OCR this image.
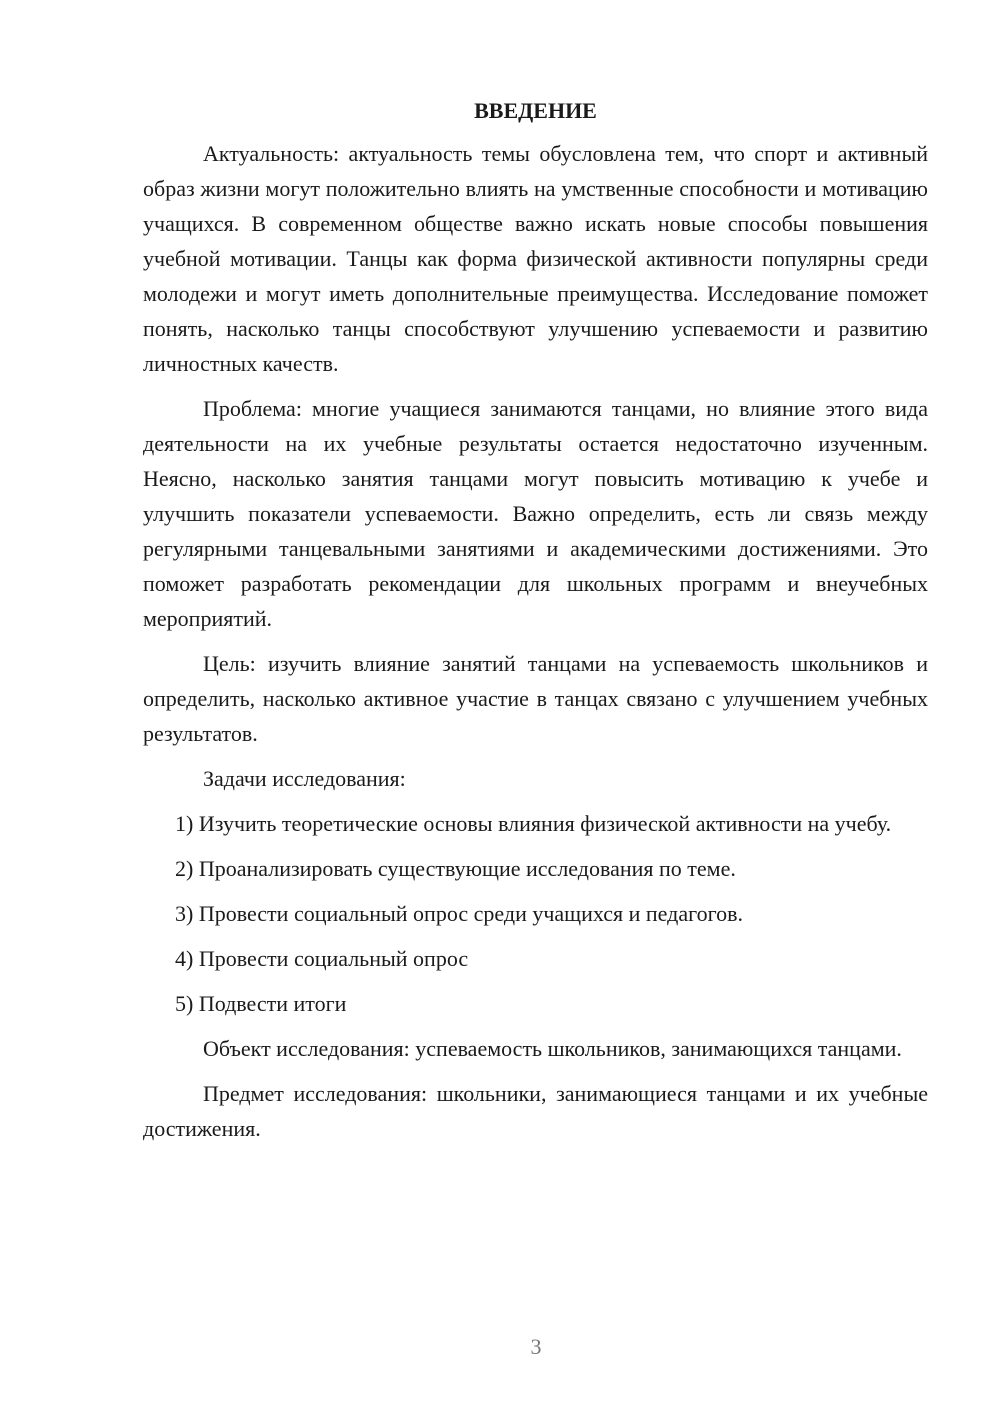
ВВЕДЕНИЕ

Актуальность: актуальность темы обусловлена тем, что спорт и активный образ жизни могут положительно влиять на умственные способности и мотивацию учащихся. В современном обществе важно искать новые способы повышения учебной мотивации. Танцы как форма физической активности популярны среди молодежи и могут иметь дополнительные преимущества. Исследование поможет понять, насколько танцы способствуют улучшению успеваемости и развитию личностных качеств.

Проблема: многие учащиеся занимаются танцами, но влияние этого вида деятельности на их учебные результаты остается недостаточно изученным. Неясно, насколько занятия танцами могут повысить мотивацию к учебе и улучшить показатели успеваемости. Важно определить, есть ли связь между регулярными танцевальными занятиями и академическими достижениями. Это поможет разработать рекомендации для школьных программ и внеучебных мероприятий.

Цель: изучить влияние занятий танцами на успеваемость школьников и определить, насколько активное участие в танцах связано с улучшением учебных результатов.

Задачи исследования:

1) Изучить теоретические основы влияния физической активности на учебу.

2) Проанализировать существующие исследования по теме.

3) Провести социальный опрос среди учащихся и педагогов.

4) Провести социальный опрос

5) Подвести итоги

Объект исследования: успеваемость школьников, занимающихся танцами.

Предмет исследования: школьники, занимающиеся танцами и их учебные достижения.

3
